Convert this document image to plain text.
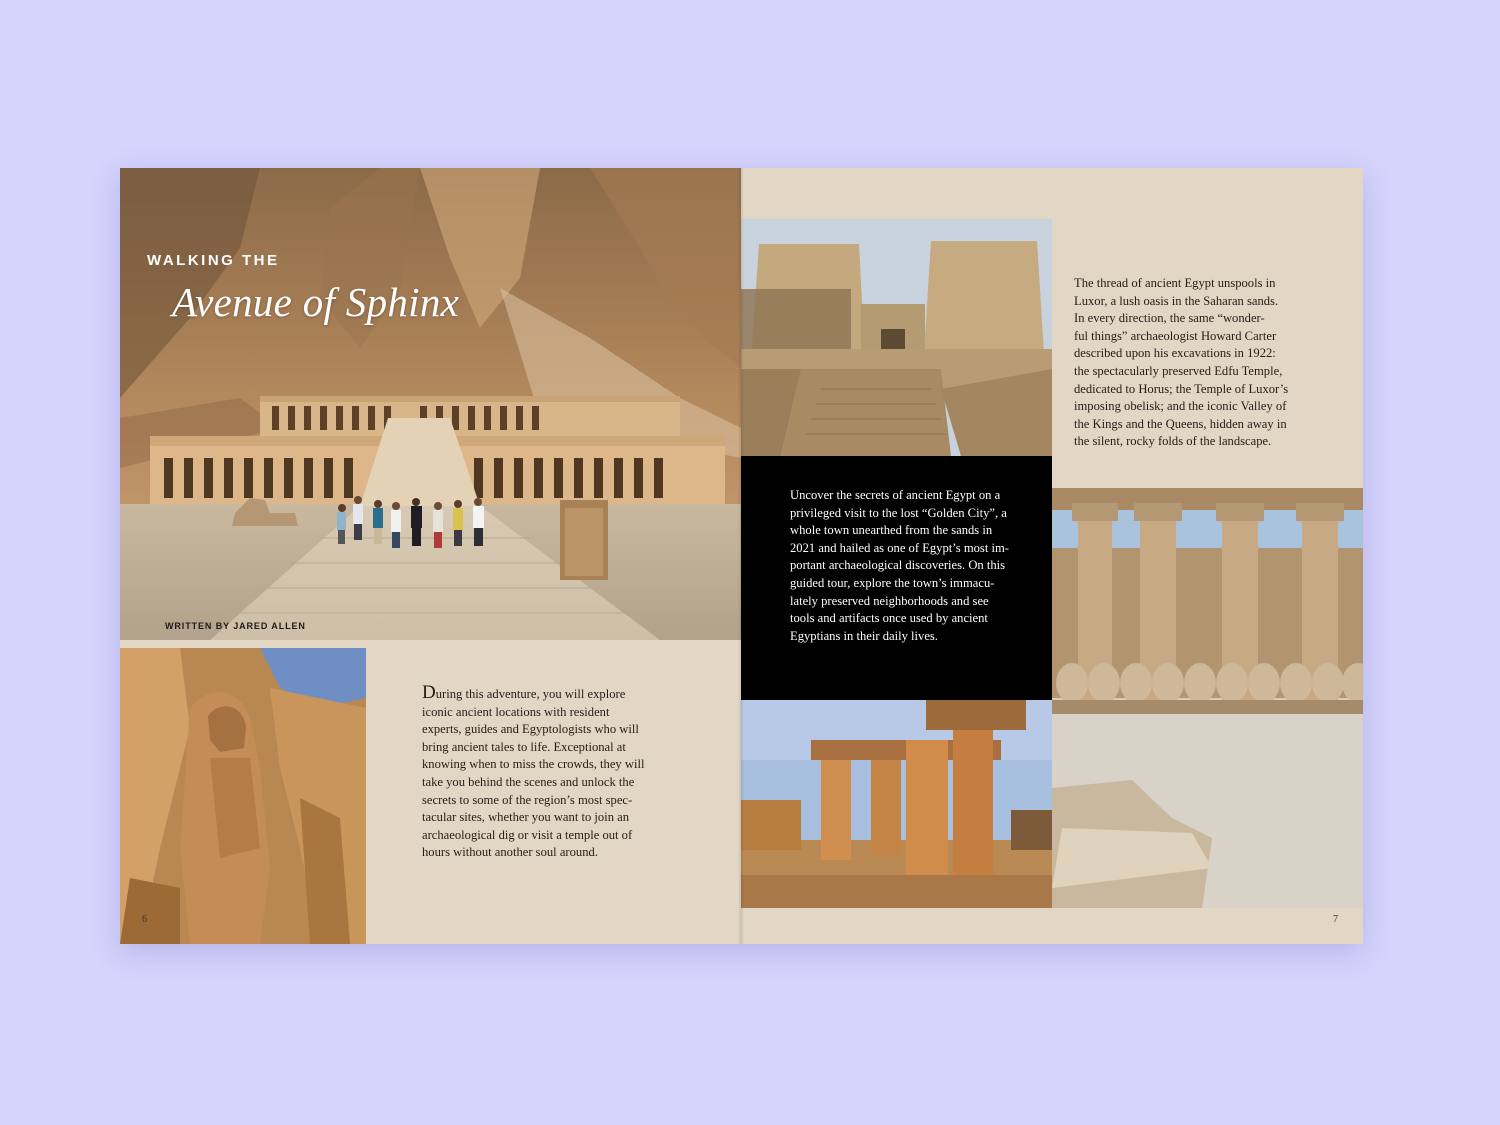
WALKING THE
Avenue of Sphinx
WRITTEN BY JARED ALLEN
6
During this adventure, you will explore
iconic ancient locations with resident
experts, guides and Egyptologists who will
bring ancient tales to life. Exceptional at
knowing when to miss the crowds, they will
take you behind the scenes and unlock the
secrets to some of the region’s most spec-
tacular sites, whether you want to join an
archaeological dig or visit a temple out of
hours without another soul around.
Uncover the secrets of ancient Egypt on a
privileged visit to the lost “Golden City”, a
whole town unearthed from the sands in
2021 and hailed as one of Egypt’s most im-
portant archaeological discoveries. On this
guided tour, explore the town’s immacu-
lately preserved neighborhoods and see
tools and artifacts once used by ancient
Egyptians in their daily lives.
The thread of ancient Egypt unspools in
Luxor, a lush oasis in the Saharan sands.
In every direction, the same “wonder-
ful things” archaeologist Howard Carter
described upon his excavations in 1922:
the spectacularly preserved Edfu Temple,
dedicated to Horus; the Temple of Luxor’s
imposing obelisk; and the iconic Valley of
the Kings and the Queens, hidden away in
the silent, rocky folds of the landscape.
7
